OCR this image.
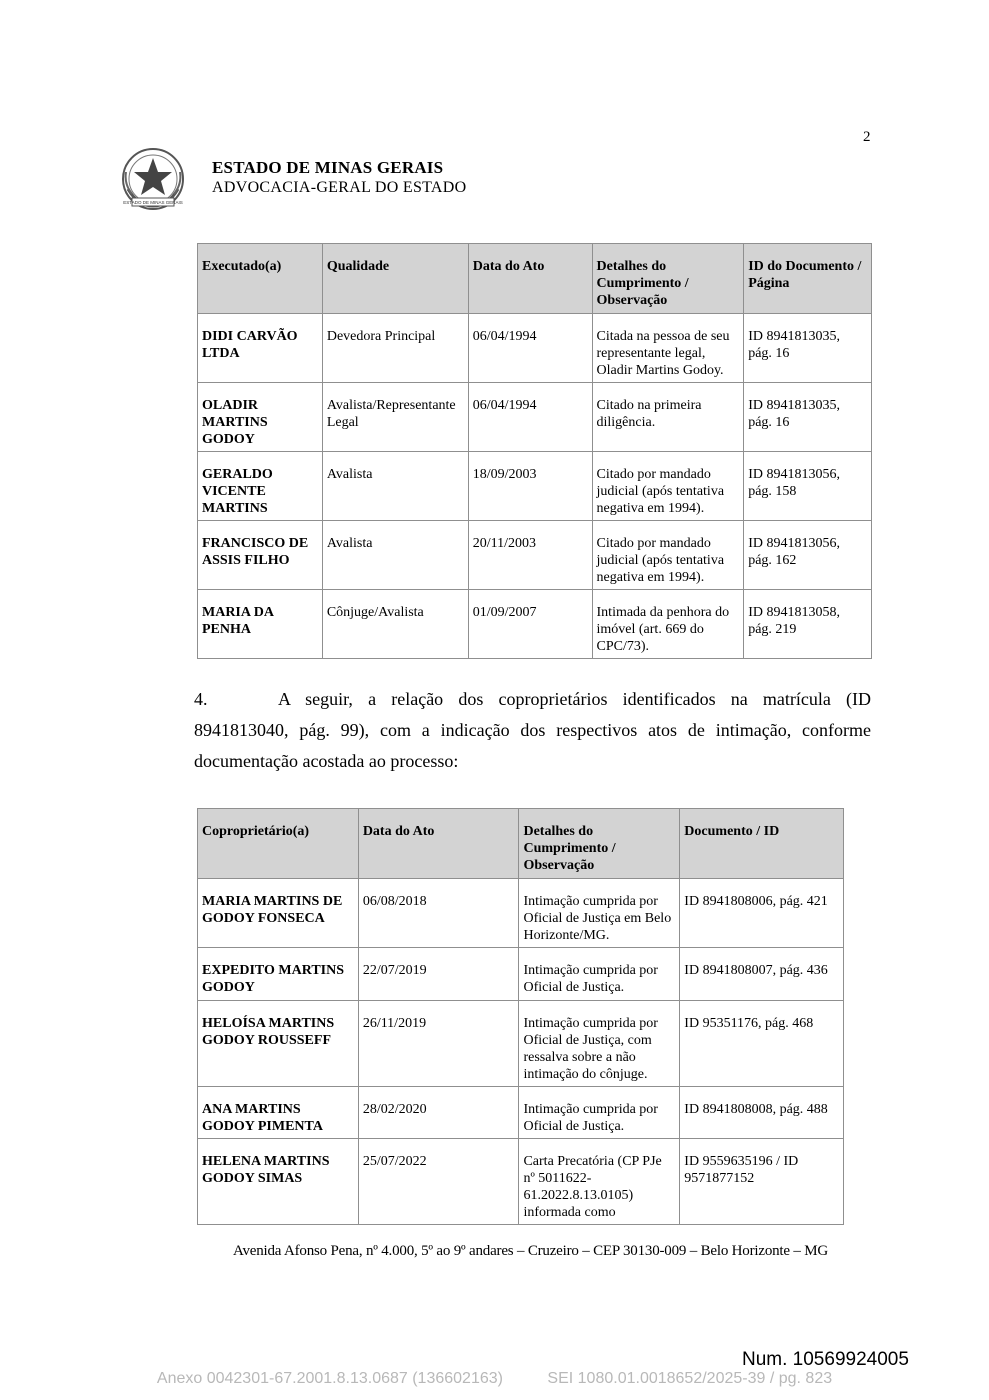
2
ESTADO DE MINAS GERAIS
ESTADO DE MINAS GERAIS
ADVOCACIA-GERAL DO ESTADO
Executado(a)	Qualidade	Data do Ato	Detalhes do Cumprimento / Observação	ID do Documento / Página
DIDI CARVÃO LTDA	Devedora Principal	06/04/1994	Citada na pessoa de seu representante legal, Oladir Martins Godoy.	ID 8941813035, pág. 16
OLADIR MARTINS GODOY	Avalista/Representante Legal	06/04/1994	Citado na primeira diligência.	ID 8941813035, pág. 16
GERALDO VICENTE MARTINS	Avalista	18/09/2003	Citado por mandado judicial (após tentativa negativa em 1994).	ID 8941813056, pág. 158
FRANCISCO DE ASSIS FILHO	Avalista	20/11/2003	Citado por mandado judicial (após tentativa negativa em 1994).	ID 8941813056, pág. 162
MARIA DA PENHA	Cônjuge/Avalista	01/09/2007	Intimada da penhora do imóvel (art. 669 do CPC/73).	ID 8941813058, pág. 219
4.	A seguir, a relação dos coproprietários identificados na matrícula (ID 8941813040, pág. 99), com a indicação dos respectivos atos de intimação, conforme documentação acostada ao processo:
Coproprietário(a)	Data do Ato	Detalhes do Cumprimento / Observação	Documento / ID
MARIA MARTINS DE GODOY FONSECA	06/08/2018	Intimação cumprida por Oficial de Justiça em Belo Horizonte/MG.	ID 8941808006, pág. 421
EXPEDITO MARTINS GODOY	22/07/2019	Intimação cumprida por Oficial de Justiça.	ID 8941808007, pág. 436
HELOÍSA MARTINS GODOY ROUSSEFF	26/11/2019	Intimação cumprida por Oficial de Justiça, com ressalva sobre a não intimação do cônjuge.	ID 95351176, pág. 468
ANA MARTINS GODOY PIMENTA	28/02/2020	Intimação cumprida por Oficial de Justiça.	ID 8941808008, pág. 488
HELENA MARTINS GODOY SIMAS	25/07/2022	Carta Precatória (CP PJe nº 5011622-61.2022.8.13.0105) informada como	ID 9559635196 / ID 9571877152
Avenida Afonso Pena, nº 4.000, 5º ao 9º andares – Cruzeiro – CEP 30130-009 – Belo Horizonte – MG
Num. 10569924005
Anexo 0042301-67.2001.8.13.0687 (136602163)	SEI 1080.01.0018652/2025-39 / pg. 823
